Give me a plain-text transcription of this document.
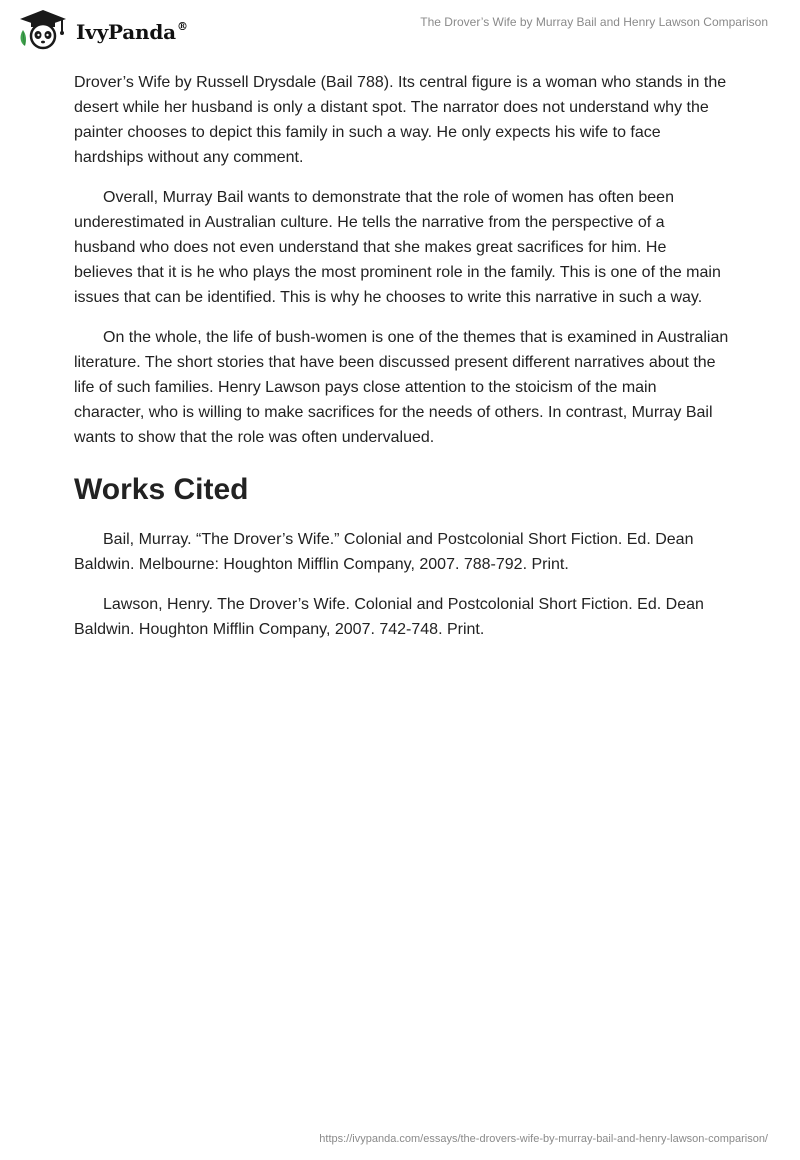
IvyPanda®	The Drover’s Wife by Murray Bail and Henry Lawson Comparison

Drover’s Wife by Russell Drysdale (Bail 788). Its central figure is a woman who stands in the desert while her husband is only a distant spot. The narrator does not understand why the painter chooses to depict this family in such a way. He only expects his wife to face hardships without any comment.

Overall, Murray Bail wants to demonstrate that the role of women has often been underestimated in Australian culture. He tells the narrative from the perspective of a husband who does not even understand that she makes great sacrifices for him. He believes that it is he who plays the most prominent role in the family. This is one of the main issues that can be identified. This is why he chooses to write this narrative in such a way.

On the whole, the life of bush-women is one of the themes that is examined in Australian literature. The short stories that have been discussed present different narratives about the life of such families. Henry Lawson pays close attention to the stoicism of the main character, who is willing to make sacrifices for the needs of others. In contrast, Murray Bail wants to show that the role was often undervalued.

Works Cited

Bail, Murray. “The Drover’s Wife.” Colonial and Postcolonial Short Fiction. Ed. Dean Baldwin. Melbourne: Houghton Mifflin Company, 2007. 788-792. Print.

Lawson, Henry. The Drover’s Wife. Colonial and Postcolonial Short Fiction. Ed. Dean Baldwin. Houghton Mifflin Company, 2007. 742-748. Print.

https://ivypanda.com/essays/the-drovers-wife-by-murray-bail-and-henry-lawson-comparison/
